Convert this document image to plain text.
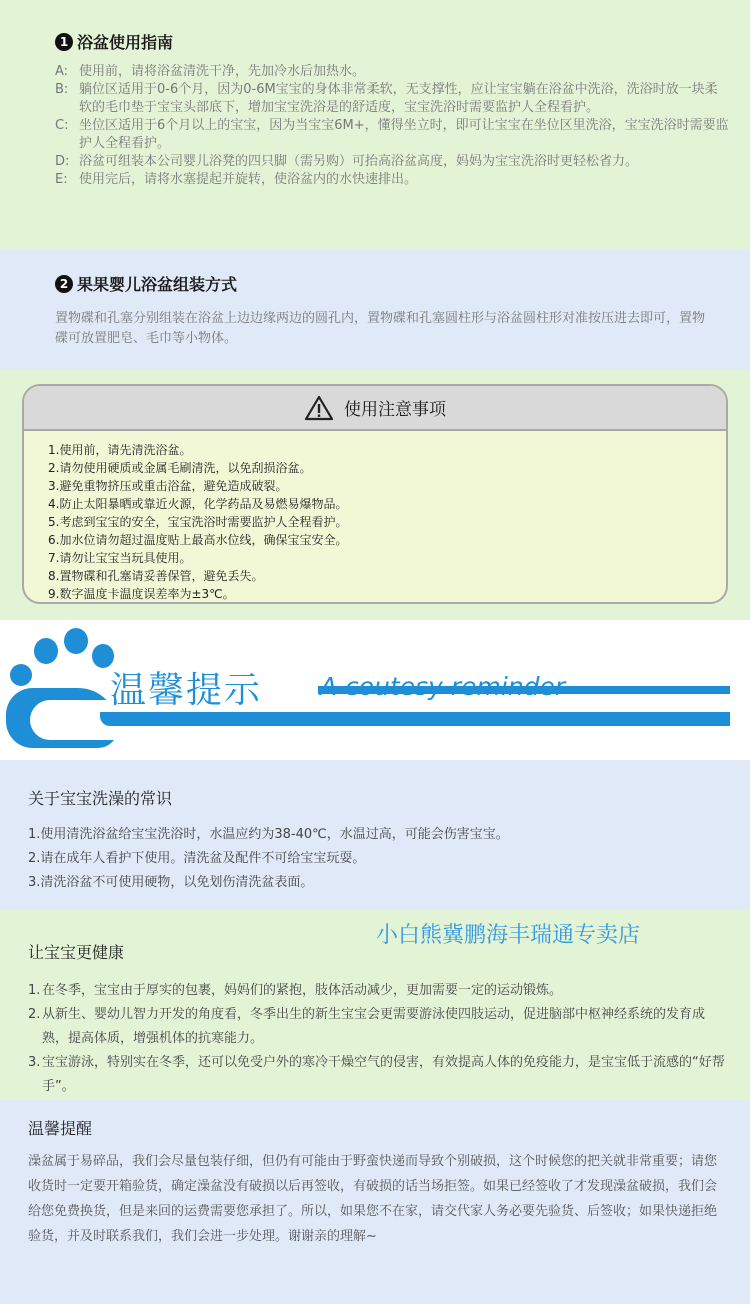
1 浴盆使用指南
A: 使用前，请将浴盆清洗干净，先加冷水后加热水。
B: 躺位区适用于0-6个月，因为0-6M宝宝的身体非常柔软，无支撑性，应让宝宝躺在浴盆中洗浴，洗浴时放一块柔软的毛巾垫于宝宝头部底下，增加宝宝洗浴是的舒适度，宝宝洗浴时需要监护人全程看护。
C: 坐位区适用于6个月以上的宝宝，因为当宝宝6M+，懂得坐立时，即可让宝宝在坐位区里洗浴，宝宝洗浴时需要监护人全程看护。
D: 浴盆可组装本公司婴儿浴凳的四只脚（需另购）可抬高浴盆高度，妈妈为宝宝洗浴时更轻松省力。
E: 使用完后，请将水塞提起并旋转，使浴盆内的水快速排出。
2 果果婴儿浴盆组装方式
置物碟和孔塞分别组装在浴盆上边边缘两边的圆孔内，置物碟和孔塞圆柱形与浴盆圆柱形对准按压进去即可，置物碟可放置肥皂、毛巾等小物体。
使用注意事项
1.使用前，请先清洗浴盆。
2.请勿使用硬质或金属毛刷清洗，以免刮损浴盆。
3.避免重物挤压或重击浴盆，避免造成破裂。
4.防止太阳暴晒或靠近火源，化学药品及易燃易爆物品。
5.考虑到宝宝的安全，宝宝洗浴时需要监护人全程看护。
6.加水位请勿超过温度贴上最高水位线，确保宝宝安全。
7.请勿让宝宝当玩具使用。
8.置物碟和孔塞请妥善保管，避免丢失。
9.数字温度卡温度误差率为±3℃。
温馨提示 A coutesy reminder
关于宝宝洗澡的常识
1.使用清洗浴盆给宝宝洗浴时，水温应约为38-40℃，水温过高，可能会伤害宝宝。
2.请在成年人看护下使用。清洗盆及配件不可给宝宝玩耍。
3.清洗浴盆不可使用硬物，以免划伤清洗盆表面。
让宝宝更健康
1. 在冬季，宝宝由于厚实的包裹，妈妈们的紧抱，肢体活动减少，更加需要一定的运动锻炼。
2. 从新生、婴幼儿智力开发的角度看，冬季出生的新生宝宝会更需要游泳使四肢运动，促进脑部中枢神经系统的发育成熟，提高体质，增强机体的抗寒能力。
3. 宝宝游泳，特别实在冬季，还可以免受户外的寒冷干燥空气的侵害，有效提高人体的免疫能力，是宝宝低于流感的“好帮手”。
小白熊冀鹏海丰瑞通专卖店
温馨提醒
澡盆属于易碎品，我们会尽量包装仔细，但仍有可能由于野蛮快递而导致个别破损，这个时候您的把关就非常重要；请您收货时一定要开箱验货，确定澡盆没有破损以后再签收，有破损的话当场拒签。如果已经签收了才发现澡盆破损，我们会给您免费换货，但是来回的运费需要您承担了。所以，如果您不在家，请交代家人务必要先验货、后签收；如果快递拒绝验货，并及时联系我们，我们会进一步处理。谢谢亲的理解~
